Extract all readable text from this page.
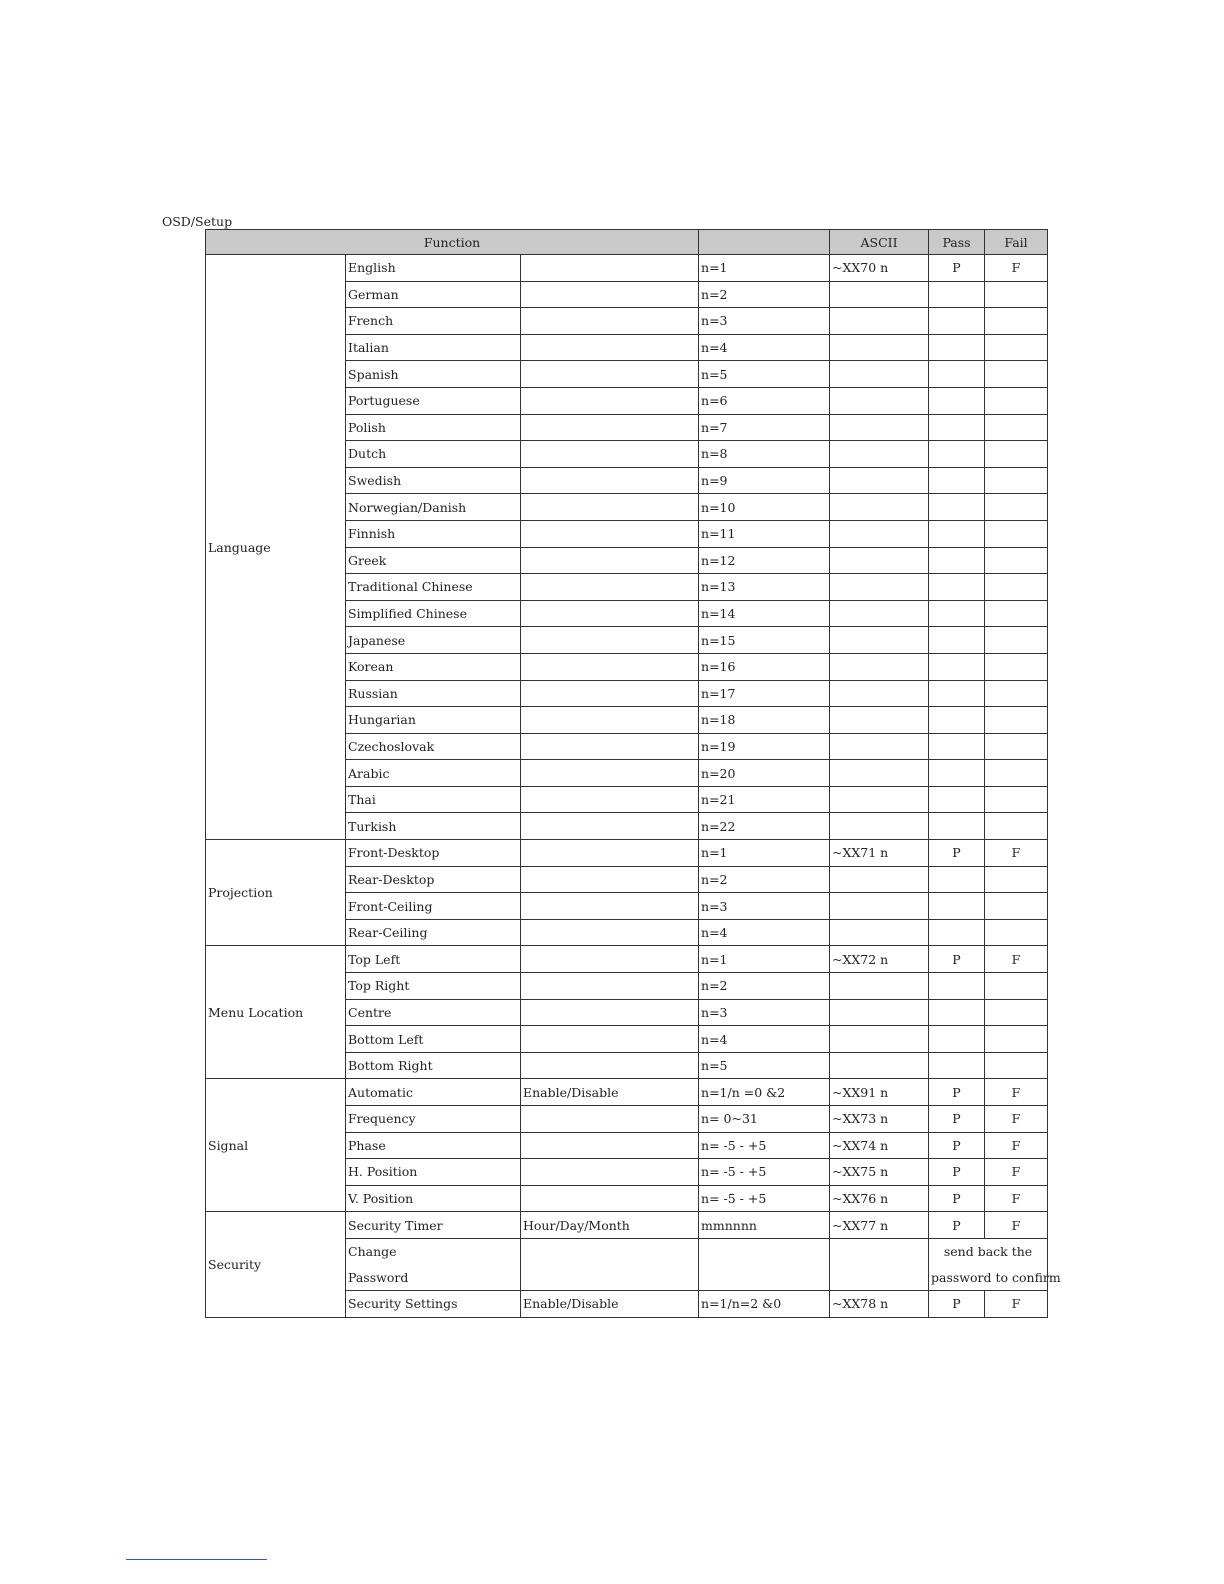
OSD/Setup
Function				ASCII	Pass	Fail
Language	English		n=1	~XX70 n	P	F
	German		n=2			
	French		n=3			
	Italian		n=4			
	Spanish		n=5			
	Portuguese		n=6			
	Polish		n=7			
	Dutch		n=8			
	Swedish		n=9			
	Norwegian/Danish		n=10			
	Finnish		n=11			
	Greek		n=12			
	Traditional Chinese		n=13			
	Simplified Chinese		n=14			
	Japanese		n=15			
	Korean		n=16			
	Russian		n=17			
	Hungarian		n=18			
	Czechoslovak		n=19			
	Arabic		n=20			
	Thai		n=21			
	Turkish		n=22			
Projection	Front-Desktop		n=1	~XX71 n	P	F
	Rear-Desktop		n=2			
	Front-Ceiling		n=3			
	Rear-Ceiling		n=4			
Menu Location	Top Left		n=1	~XX72 n	P	F
	Top Right		n=2			
	Centre		n=3			
	Bottom Left		n=4			
	Bottom Right		n=5			
Signal	Automatic	Enable/Disable	n=1/n =0 &2	~XX91 n	P	F
	Frequency		n= 0~31	~XX73 n	P	F
	Phase		n= -5 - +5	~XX74 n	P	F
	H. Position		n= -5 - +5	~XX75 n	P	F
	V. Position		n= -5 - +5	~XX76 n	P	F
Security	Security Timer	Hour/Day/Month	mmnnnn	~XX77 n	P	F
	Change				send back the	
	Password				password to confirm	
	Security Settings	Enable/Disable	n=1/n=2 &0	~XX78 n	P	F
